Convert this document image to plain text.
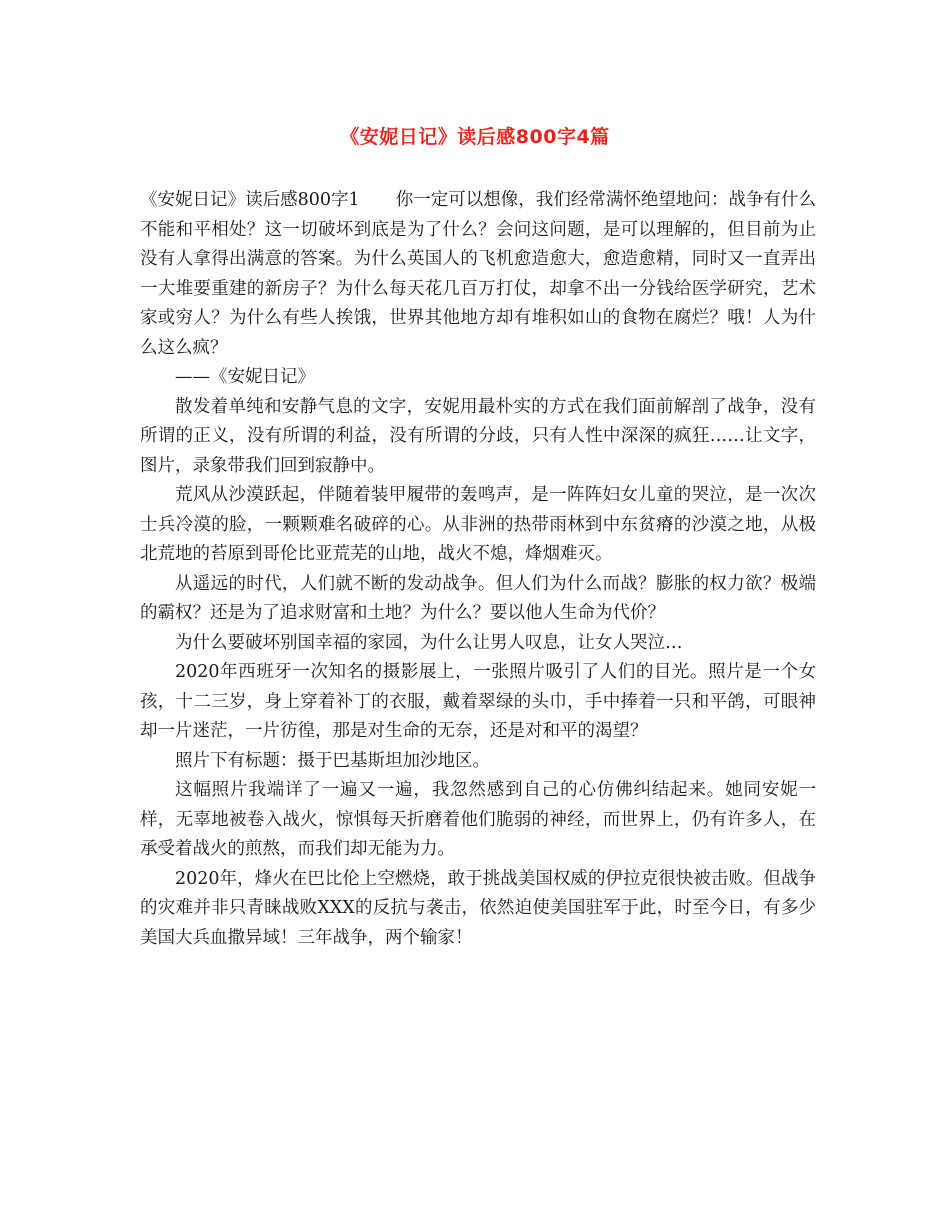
《安妮日记》读后感800字4篇

《安妮日记》读后感800字1 你一定可以想像，我们经常满怀绝望地问：战争有什么不能和平相处？这一切破坏到底是为了什么？会问这问题，是可以理解的，但目前为止没有人拿得出满意的答案。为什么英国人的飞机愈造愈大，愈造愈精，同时又一直弄出一大堆要重建的新房子？为什么每天花几百万打仗，却拿不出一分钱给医学研究，艺术家或穷人？为什么有些人挨饿，世界其他地方却有堆积如山的食物在腐烂？哦！人为什么这么疯？

——《安妮日记》

散发着单纯和安静气息的文字，安妮用最朴实的方式在我们面前解剖了战争，没有所谓的正义，没有所谓的利益，没有所谓的分歧，只有人性中深深的疯狂……让文字，图片，录象带我们回到寂静中。

荒风从沙漠跃起，伴随着装甲履带的轰鸣声，是一阵阵妇女儿童的哭泣，是一次次士兵冷漠的脸，一颗颗难名破碎的心。从非洲的热带雨林到中东贫瘠的沙漠之地，从极北荒地的苔原到哥伦比亚荒芜的山地，战火不熄，烽烟难灭。

从遥远的时代，人们就不断的发动战争。但人们为什么而战？膨胀的权力欲？极端的霸权？还是为了追求财富和土地？为什么？要以他人生命为代价？

为什么要破坏别国幸福的家园，为什么让男人叹息，让女人哭泣…

2020年西班牙一次知名的摄影展上，一张照片吸引了人们的目光。照片是一个女孩，十二三岁，身上穿着补丁的衣服，戴着翠绿的头巾，手中捧着一只和平鸽，可眼神却一片迷茫，一片彷徨，那是对生命的无奈，还是对和平的渴望？

照片下有标题：摄于巴基斯坦加沙地区。

这幅照片我端详了一遍又一遍，我忽然感到自己的心仿佛纠结起来。她同安妮一样，无辜地被卷入战火，惊惧每天折磨着他们脆弱的神经，而世界上，仍有许多人，在承受着战火的煎熬，而我们却无能为力。

2020年，烽火在巴比伦上空燃烧，敢于挑战美国权威的伊拉克很快被击败。但战争的灾难并非只青睐战败XXX的反抗与袭击，依然迫使美国驻军于此，时至今日，有多少美国大兵血撒异域！三年战争，两个输家！
